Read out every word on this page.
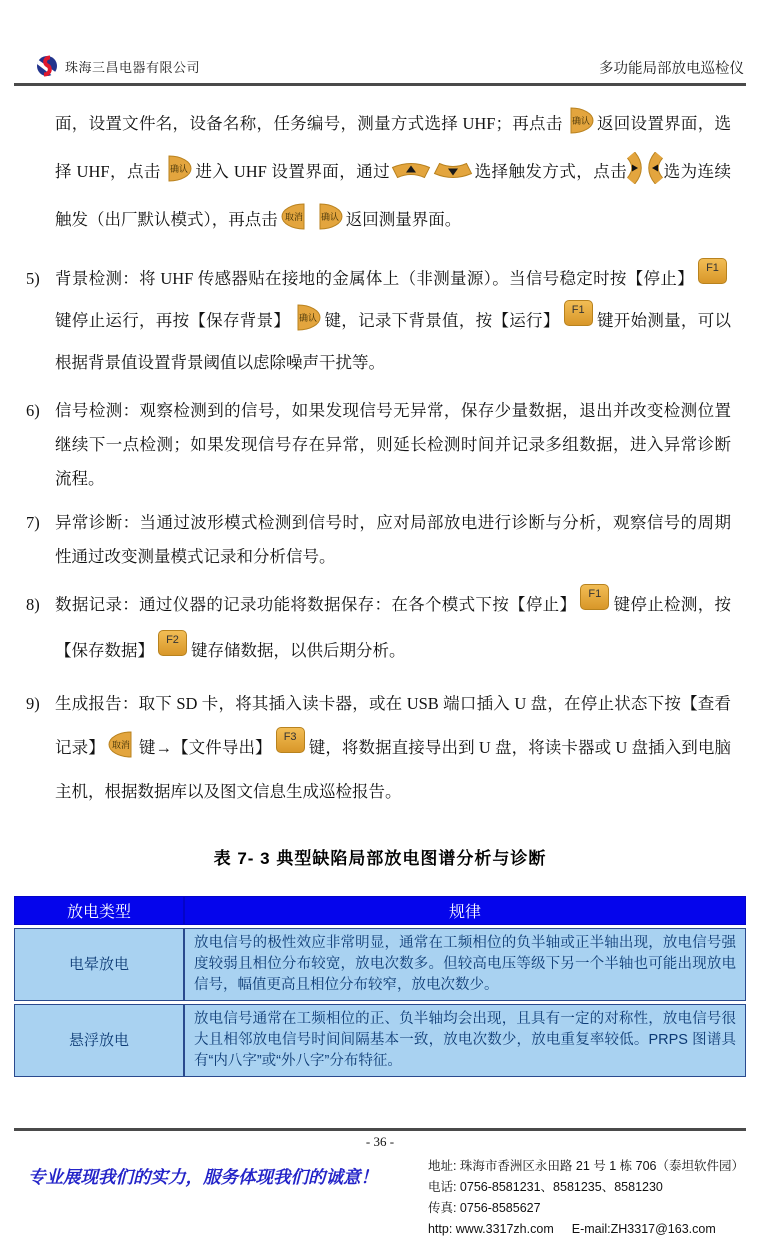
珠海三昌电器有限公司	多功能局部放电巡检仪

面，设置文件名，设备名称，任务编号，测量方式选择 UHF；再点击 确认 返回设置界面，选择 UHF，点击 确认 进入 UHF 设置界面，通过	选择触发方式，点击 选为连续触发（出厂默认模式），再点击 取消 确认 返回测量界面。

5) 背景检测：将 UHF 传感器贴在接地的金属体上（非测量源）。当信号稳定时按【停止】F1键停止运行，再按【保存背景】 确认 键，记录下背景值，按【运行】F1键开始测量，可以根据背景值设置背景阈值以虑除噪声干扰等。
6) 信号检测：观察检测到的信号，如果发现信号无异常，保存少量数据，退出并改变检测位置继续下一点检测；如果发现信号存在异常，则延长检测时间并记录多组数据，进入异常诊断流程。
7) 异常诊断：当通过波形模式检测到信号时，应对局部放电进行诊断与分析，观察信号的周期性通过改变测量模式记录和分析信号。
8) 数据记录：通过仪器的记录功能将数据保存：在各个模式下按【停止】F1键停止检测，按【保存数据】F2键存储数据，以供后期分析。
9) 生成报告：取下 SD 卡，将其插入读卡器，或在 USB 端口插入 U 盘，在停止状态下按【查看记录】 取消 键→【文件导出】F3键，将数据直接导出到 U 盘，将读卡器或 U 盘插入到电脑主机，根据数据库以及图文信息生成巡检报告。
表 7- 3 典型缺陷局部放电图谱分析与诊断
放电类型	规律
电晕放电	放电信号的极性效应非常明显，通常在工频相位的负半轴或正半轴出现，放电信号强度较弱且相位分布较宽，放电次数多。但较高电压等级下另一个半轴也可能出现放电信号，幅值更高且相位分布较窄，放电次数少。
悬浮放电	放电信号通常在工频相位的正、负半轴均会出现，且具有一定的对称性，放电信号很大且相邻放电信号时间间隔基本一致，放电次数少，放电重复率较低。PRPS 图谱具有“内八字”或“外八字”分布特征。
- 36 -
专业展现我们的实力，服务体现我们的诚意！
地址: 珠海市香洲区永田路 21 号 1 栋 706（泰坦软件园）
电话: 0756-8581231、8581235、8581230
传真: 0756-8585627
http: www.3317zh.com E-mail:ZH3317@163.com
